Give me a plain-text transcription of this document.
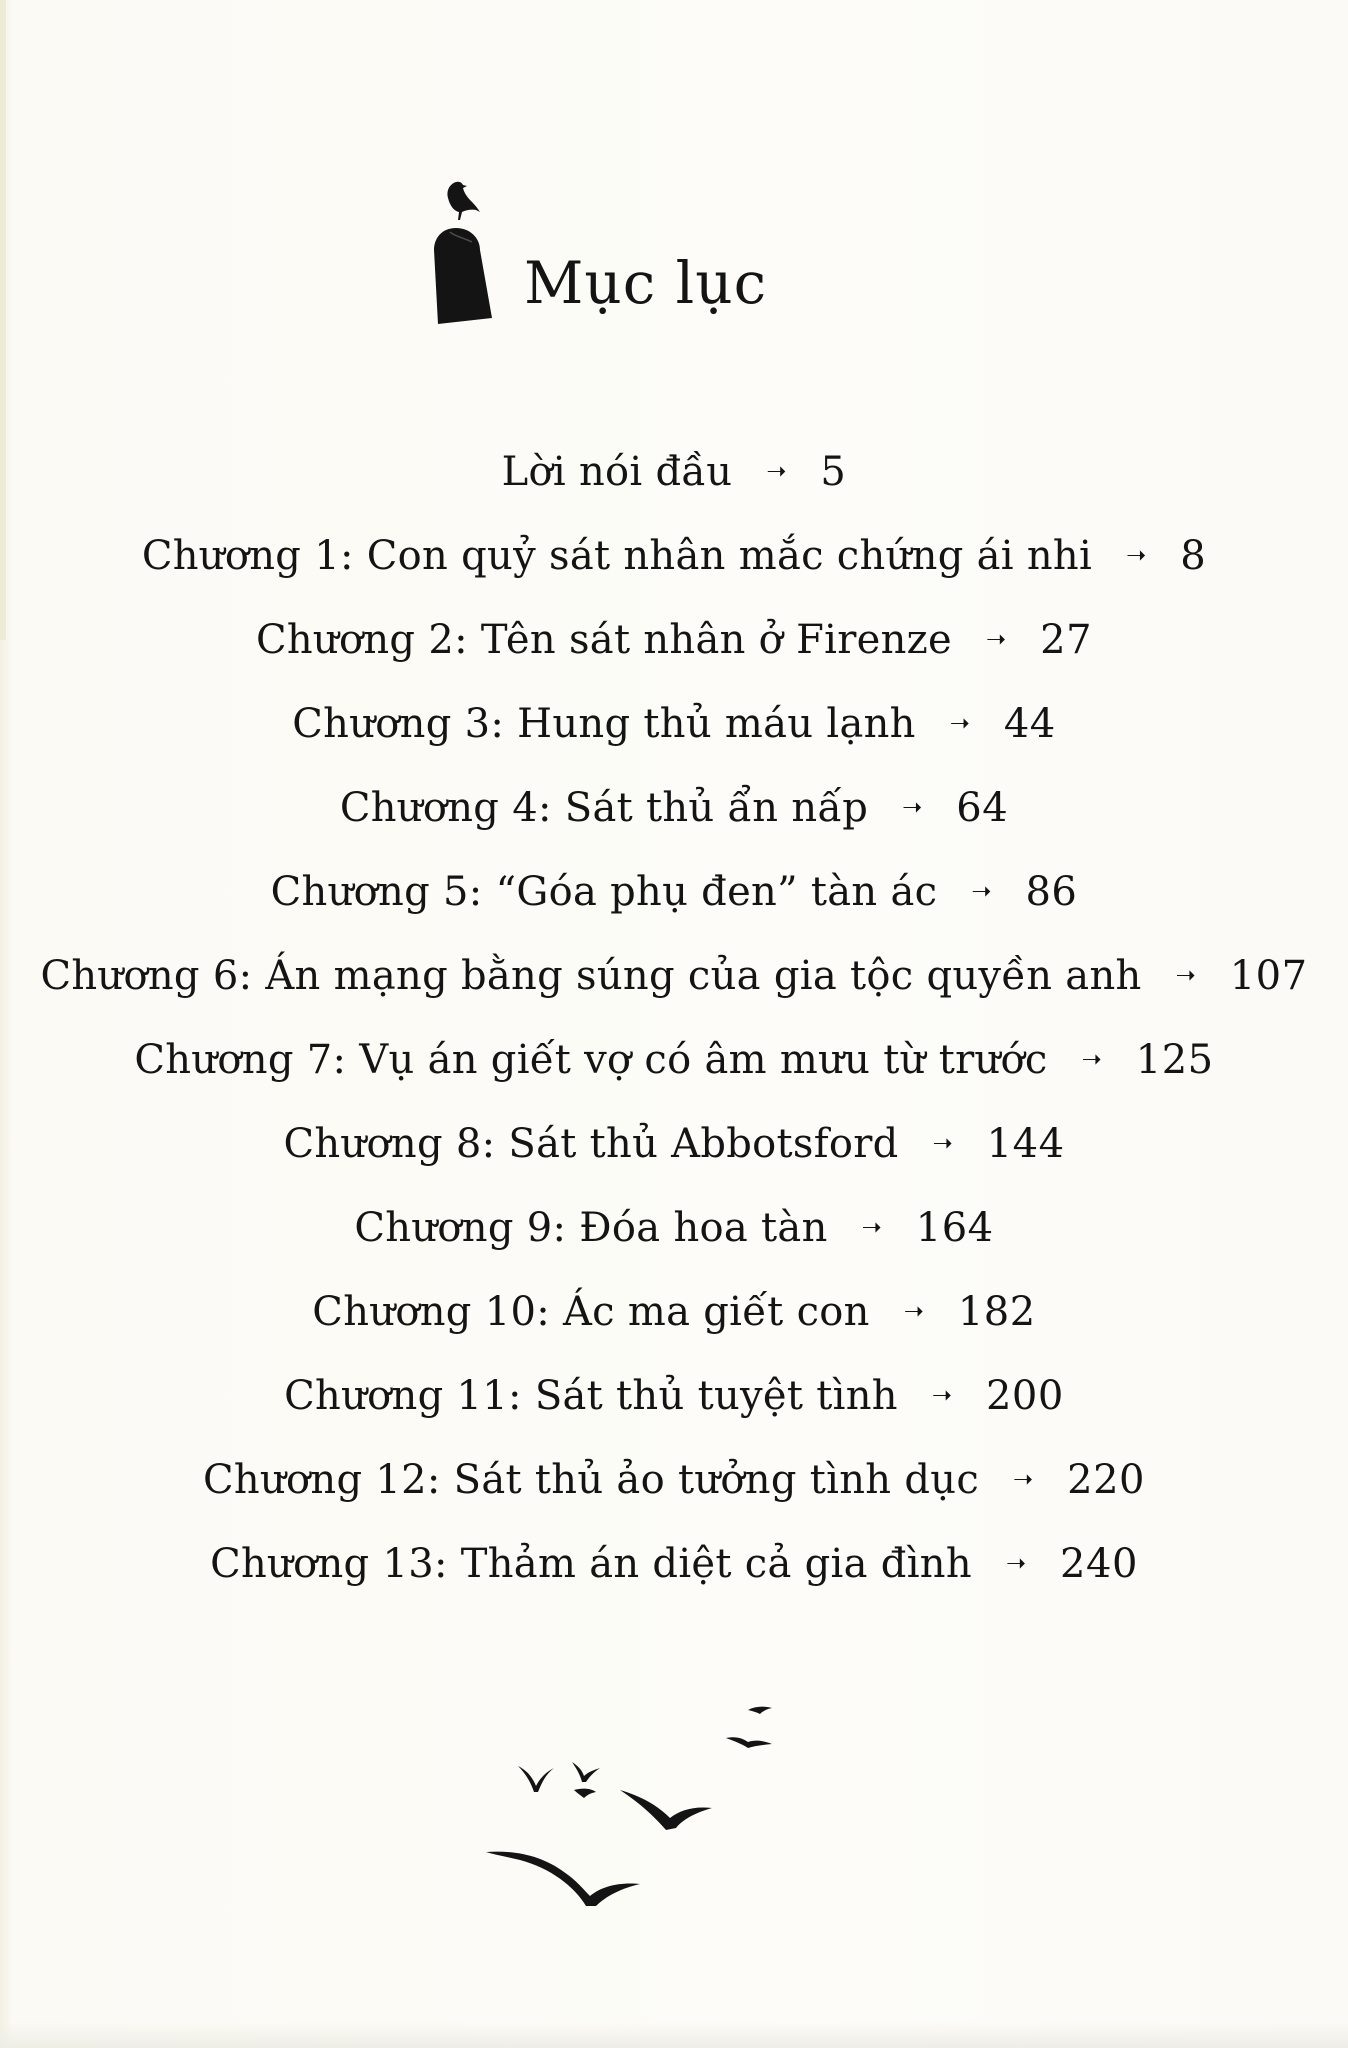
Mục lục
Lời nói đầu ➝ 5
Chương 1: Con quỷ sát nhân mắc chứng ái nhi ➝ 8
Chương 2: Tên sát nhân ở Firenze ➝ 27
Chương 3: Hung thủ máu lạnh ➝ 44
Chương 4: Sát thủ ẩn nấp ➝ 64
Chương 5: “Góa phụ đen” tàn ác ➝ 86
Chương 6: Án mạng bằng súng của gia tộc quyền anh ➝ 107
Chương 7: Vụ án giết vợ có âm mưu từ trước ➝ 125
Chương 8: Sát thủ Abbotsford ➝ 144
Chương 9: Đóa hoa tàn ➝ 164
Chương 10: Ác ma giết con ➝ 182
Chương 11: Sát thủ tuyệt tình ➝ 200
Chương 12: Sát thủ ảo tưởng tình dục ➝ 220
Chương 13: Thảm án diệt cả gia đình ➝ 240
